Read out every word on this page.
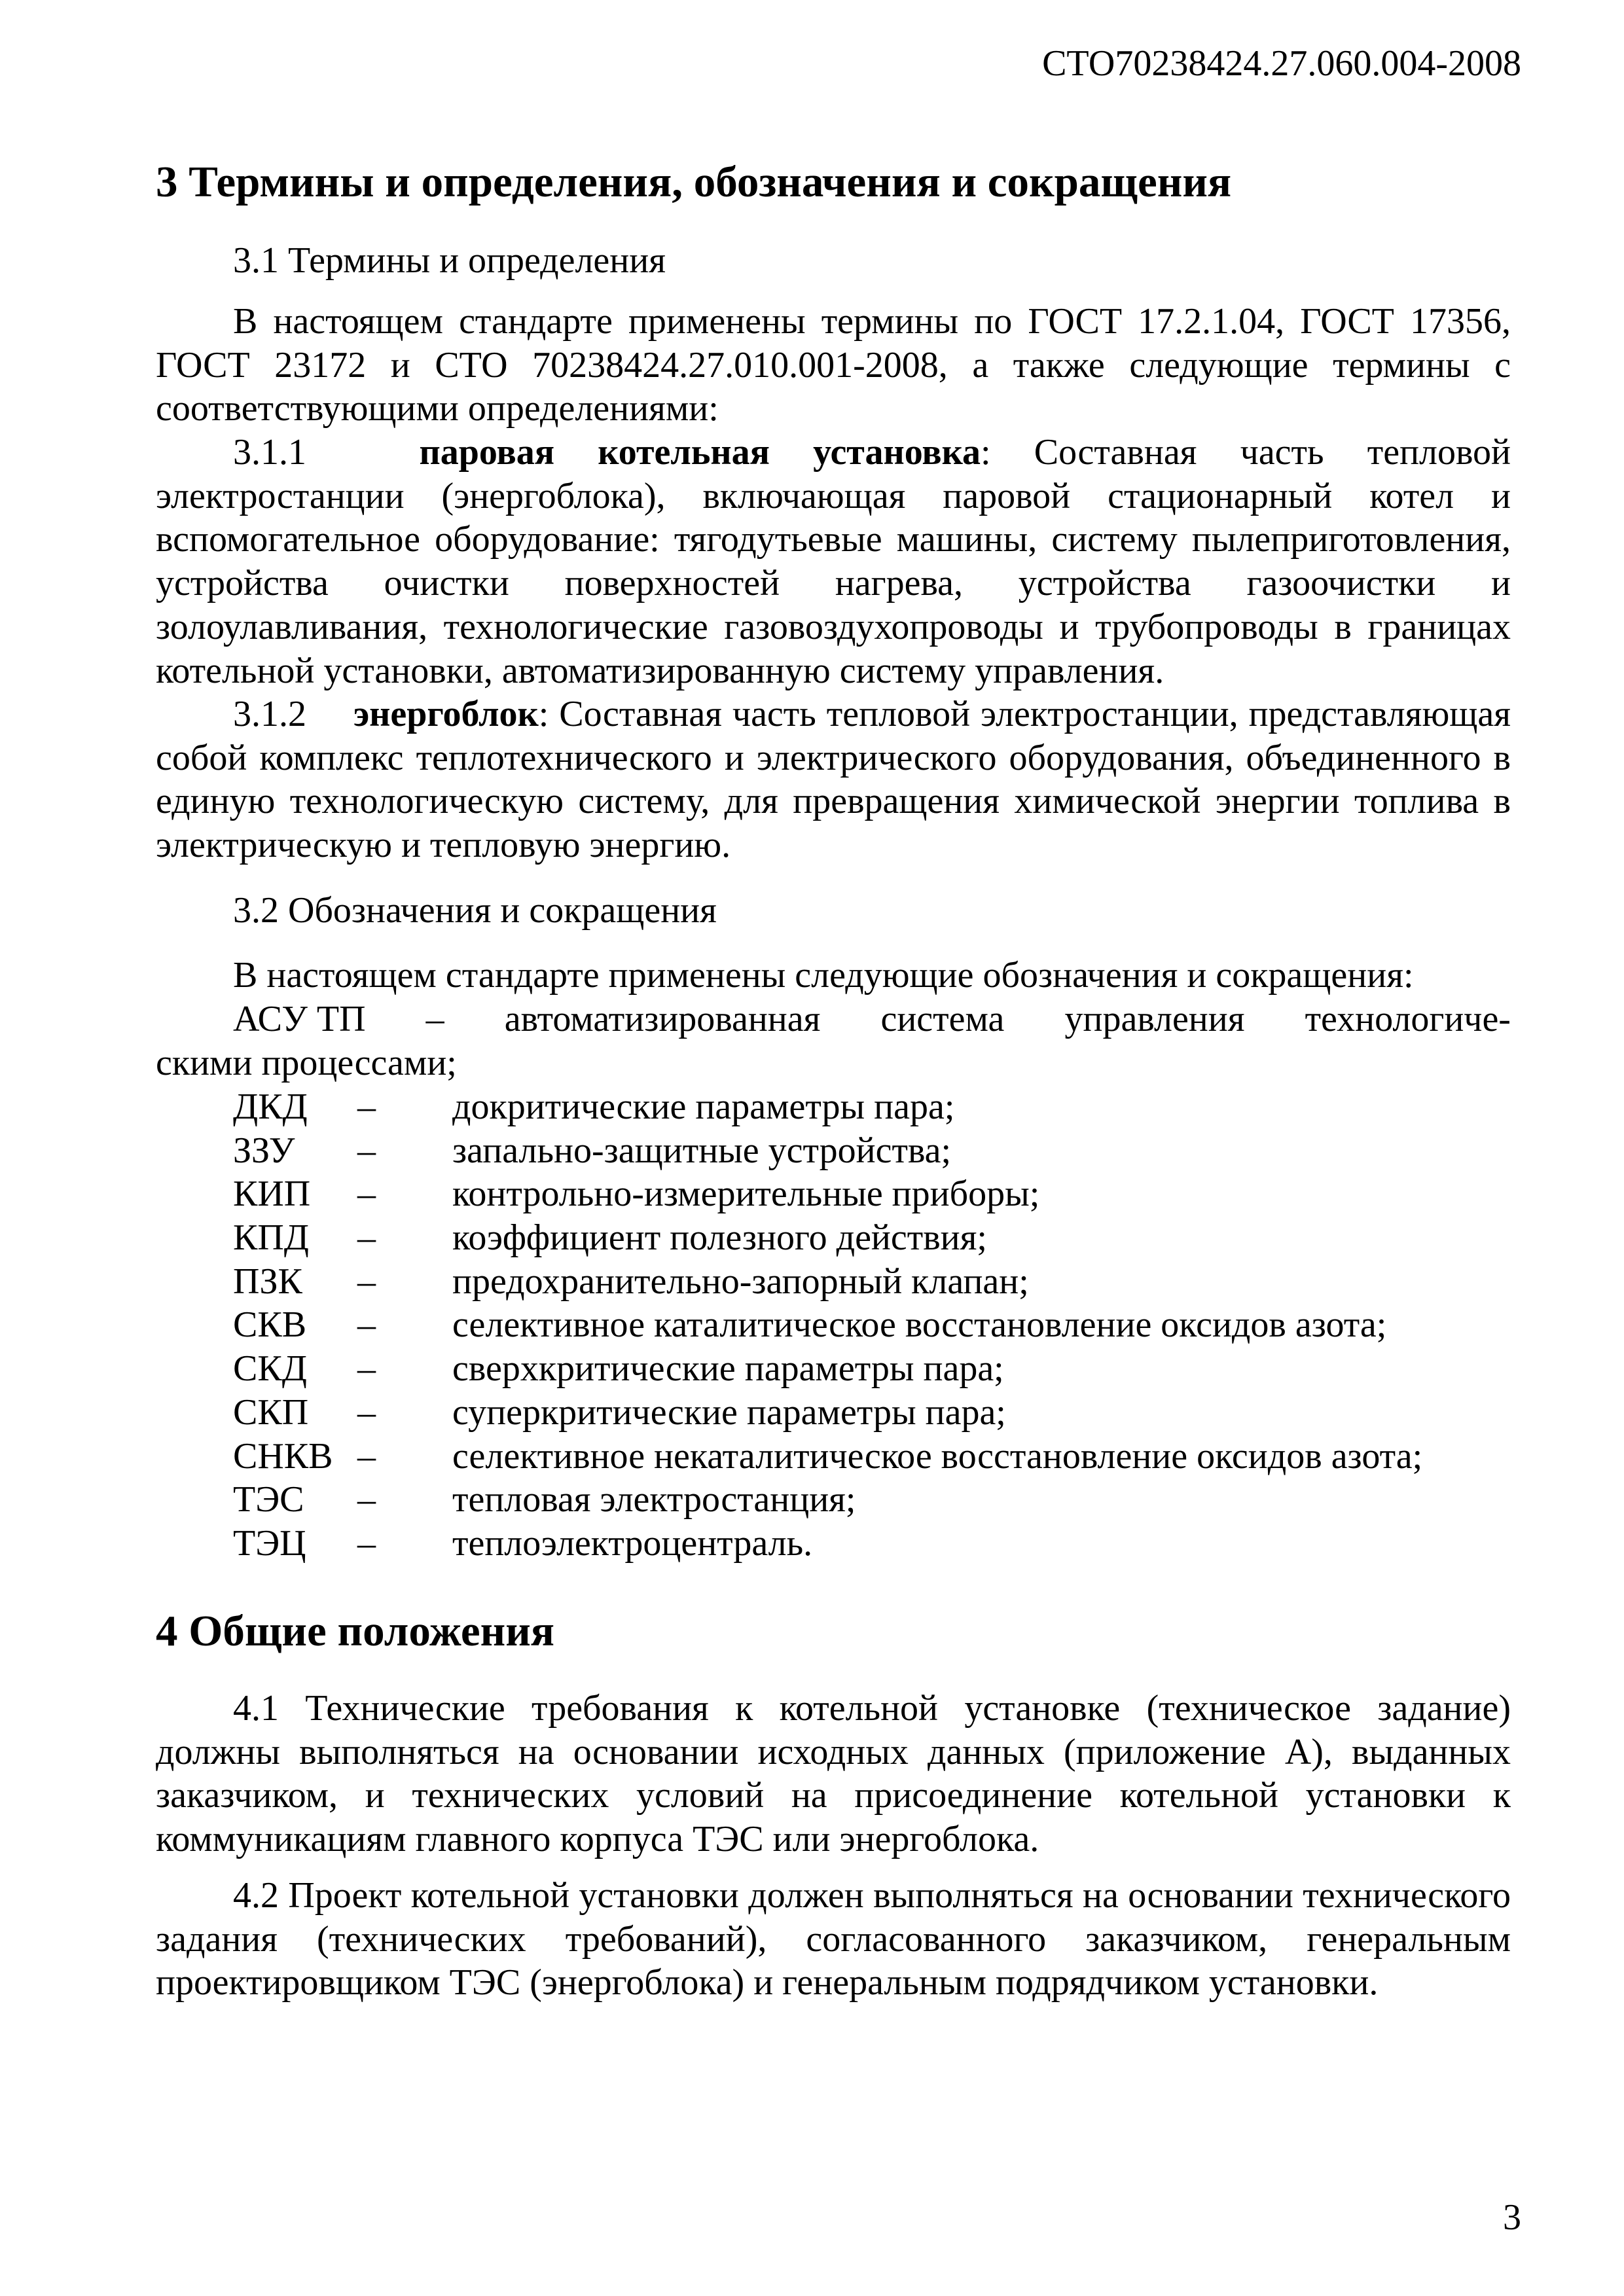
СТО70238424.27.060.004-2008
3 Термины и определения, обозначения и сокращения
3.1 Термины и определения
В настоящем стандарте применены термины по ГОСТ 17.2.1.04, ГОСТ 17356, ГОСТ 23172 и СТО 70238424.27.010.001-2008, а также следующие термины с соответствующими определениями:
3.1.1	паровая котельная установка: Составная часть тепловой электростанции (энергоблока), включающая паровой стационарный котел и вспомогательное оборудование: тягодутьевые машины, систему пылеприготовления, устройства очистки поверхностей нагрева, устройства газоочистки и золоулавливания, технологические газовоздухопроводы и трубопроводы в границах котельной установки, автоматизированную систему управления.
3.1.2 энергоблок: Составная часть тепловой электростанции, представляющая собой комплекс теплотехнического и электрического оборудования, объединенного в единую технологическую систему, для превращения химической энергии топлива в электрическую и тепловую энергию.
3.2 Обозначения и сокращения
В настоящем стандарте применены следующие обозначения и сокращения:
АСУ ТП – автоматизированная система управления технологиче-
скими процессами;
ДКД – докритические параметры пара;
ЗЗУ – запально-защитные устройства;
КИП – контрольно-измерительные приборы;
КПД – коэффициент полезного действия;
ПЗК – предохранительно-запорный клапан;
СКВ – селективное каталитическое восстановление оксидов азота;
СКД – сверхкритические параметры пара;
СКП – суперкритические параметры пара;
СНКВ – селективное некаталитическое восстановление оксидов азота;
ТЭС – тепловая электростанция;
ТЭЦ – теплоэлектроцентраль.
4 Общие положения
4.1 Технические требования к котельной установке (техническое задание) должны выполняться на основании исходных данных (приложение А), выданных заказчиком, и технических условий на присоединение котельной установки к коммуникациям главного корпуса ТЭС или энергоблока.
4.2 Проект котельной установки должен выполняться на основании технического задания (технических требований), согласованного заказчиком, генеральным проектировщиком ТЭС (энергоблока) и генеральным подрядчиком установки.
3
